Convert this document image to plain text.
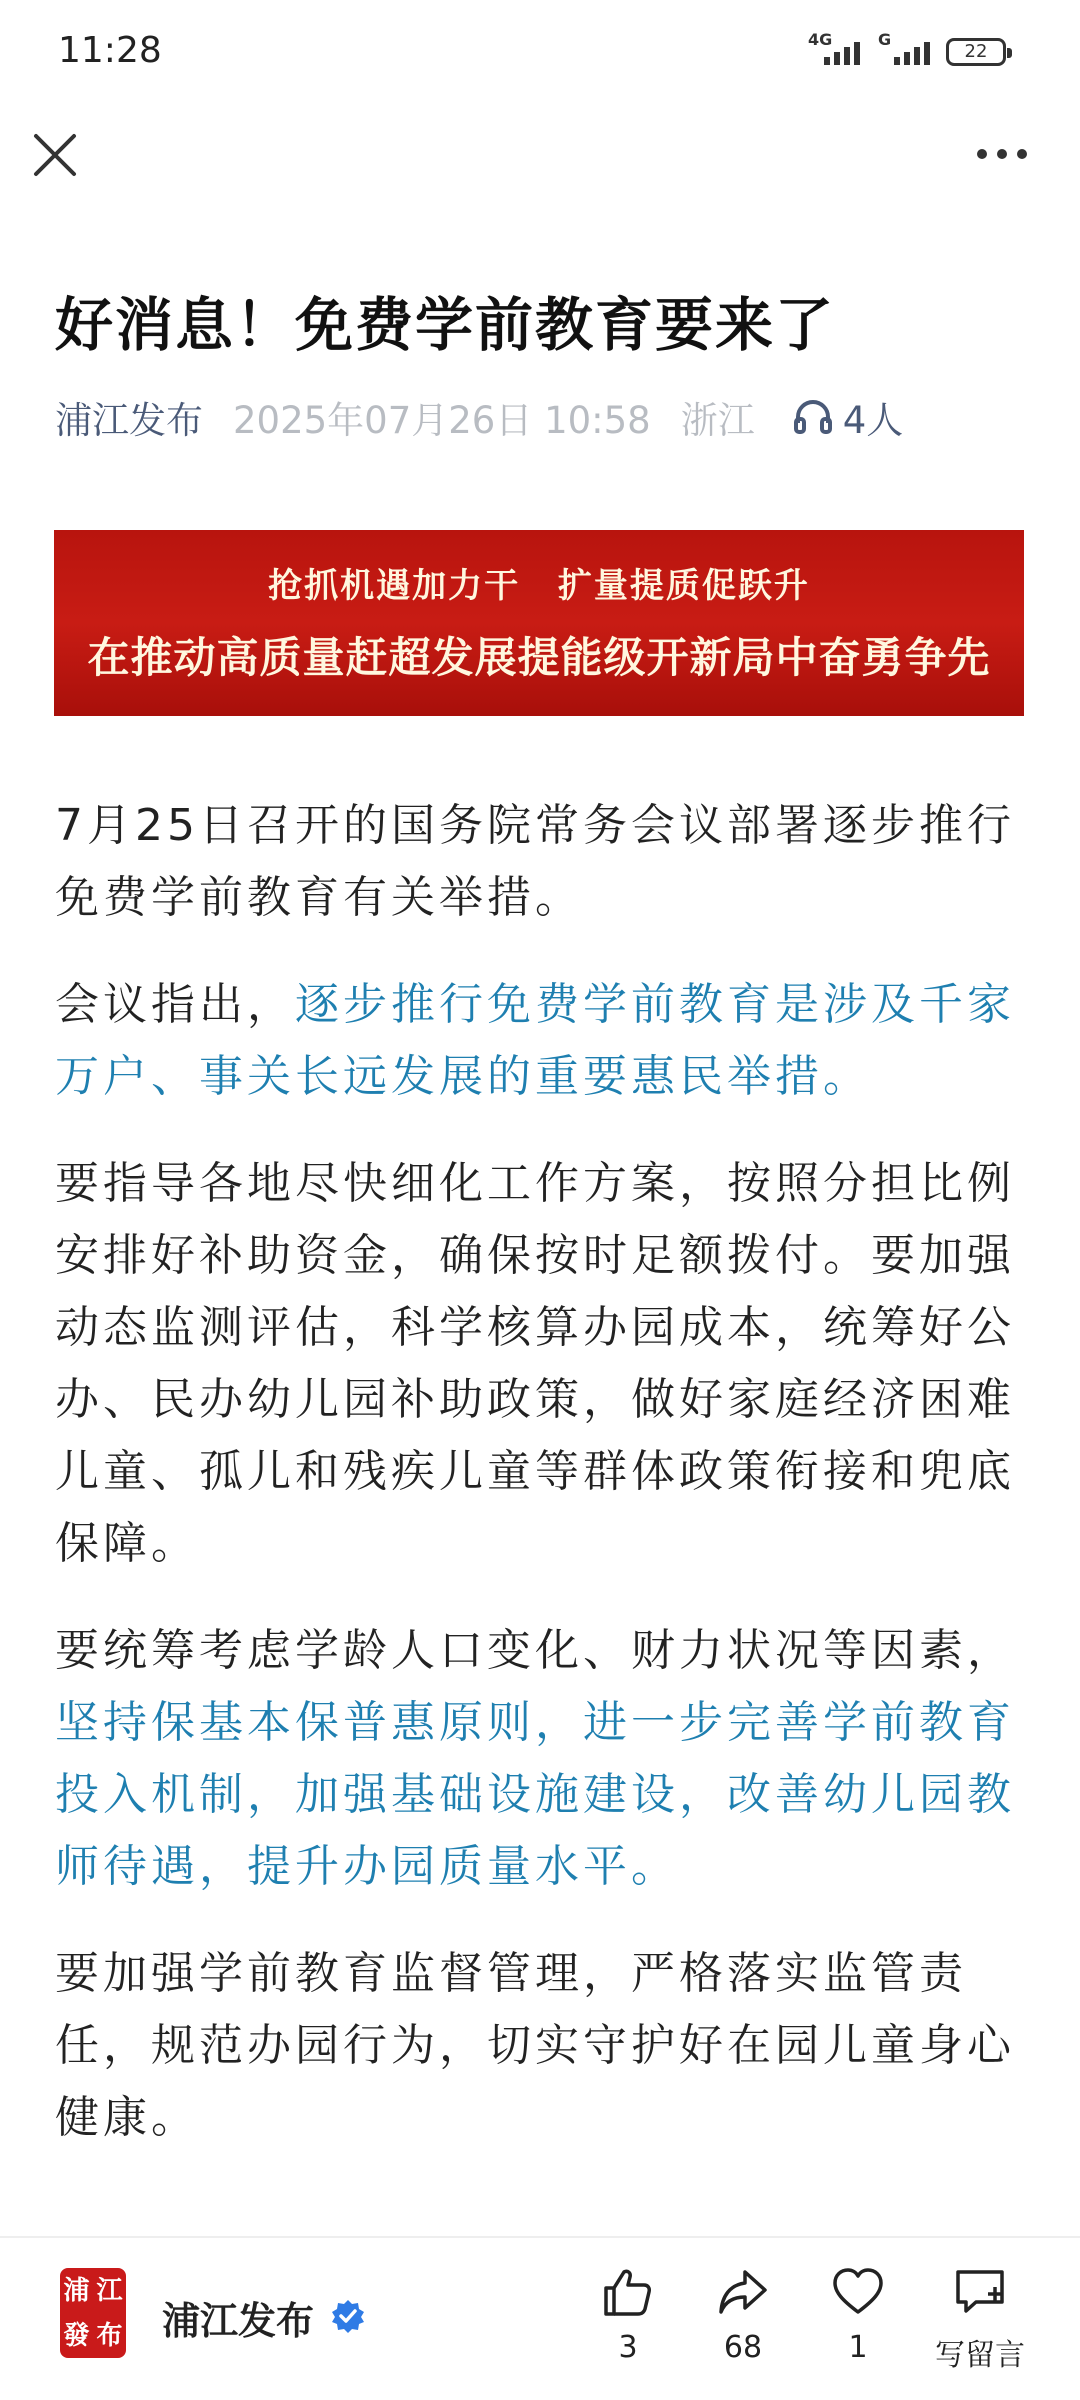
11:28	4G	G
22
好消息！免费学前教育要来了
浦江发布 2025年07月26日 10:58 浙江 4人
抢抓机遇加力干 扩量提质促跃升
在推动高质量赶超发展提能级开新局中奋勇争先

7月25日召开的国务院常务会议部署逐步推行免费学前教育有关举措。

会议指出，逐步推行免费学前教育是涉及千家万户、事关长远发展的重要惠民举措。

要指导各地尽快细化工作方案，按照分担比例安排好补助资金，确保按时足额拨付。要加强动态监测评估，科学核算办园成本，统筹好公办、民办幼儿园补助政策，做好家庭经济困难儿童、孤儿和残疾儿童等群体政策衔接和兜底保障。

要统筹考虑学龄人口变化、财力状况等因素，坚持保基本保普惠原则，进一步完善学前教育投入机制，加强基础设施建设，改善幼儿园教师待遇，提升办园质量水平。

要加强学前教育监督管理，严格落实监管责任，规范办园行为，切实守护好在园儿童身心健康。

浦 江
發 布 浦江发布
3	68	1	写留言
